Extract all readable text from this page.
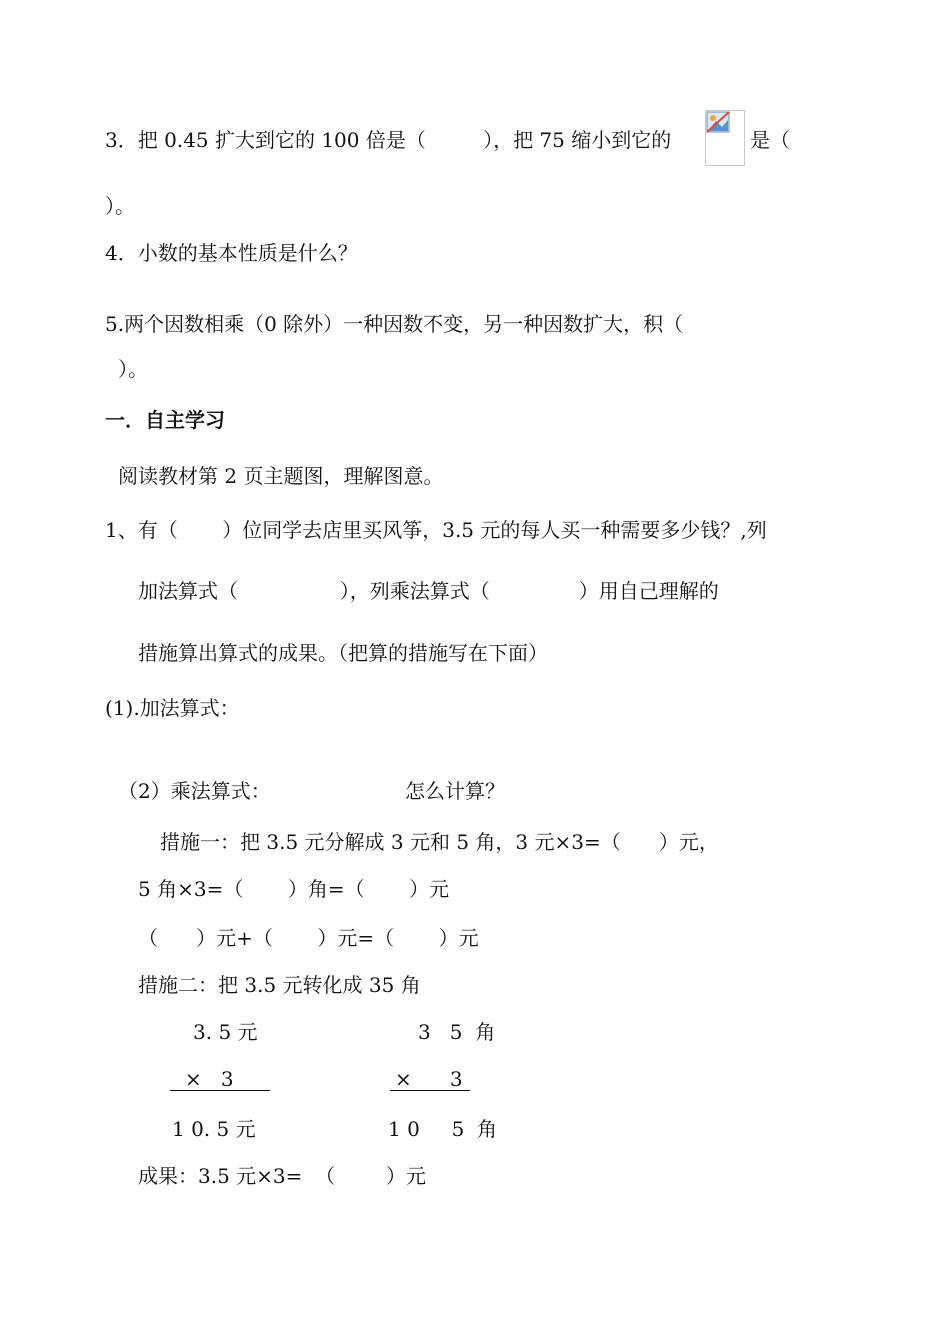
3．把 0.45 扩大到它的 100 倍是（         ），把 75 缩小到它的	是（
）。
4．小数的基本性质是什么？
5.两个因数相乘（0 除外）一种因数不变，另一种因数扩大，积（
）。
一．自主学习
阅读教材第 2 页主题图，理解图意。
1、有（       ）位同学去店里买风筝，3.5 元的每人买一种需要多少钱？,列
加法算式（                ），列乘法算式（              ）用自己理解的
措施算出算式的成果。（把算的措施写在下面）
(1).加法算式：
（2）乘法算式：	怎么计算？
措施一：把 3.5 元分解成 3 元和 5 角，3 元×3=（      ）元，
5 角×3=（       ）角=（       ）元
（      ）元+（       ）元=（       ）元
措施二：把 3.5 元转化成 35 角
3. 5 元
×   3
1 0. 5 元
3   5  角
×      3
1 0     5  角
成果：3.5 元×3=  （        ）元
